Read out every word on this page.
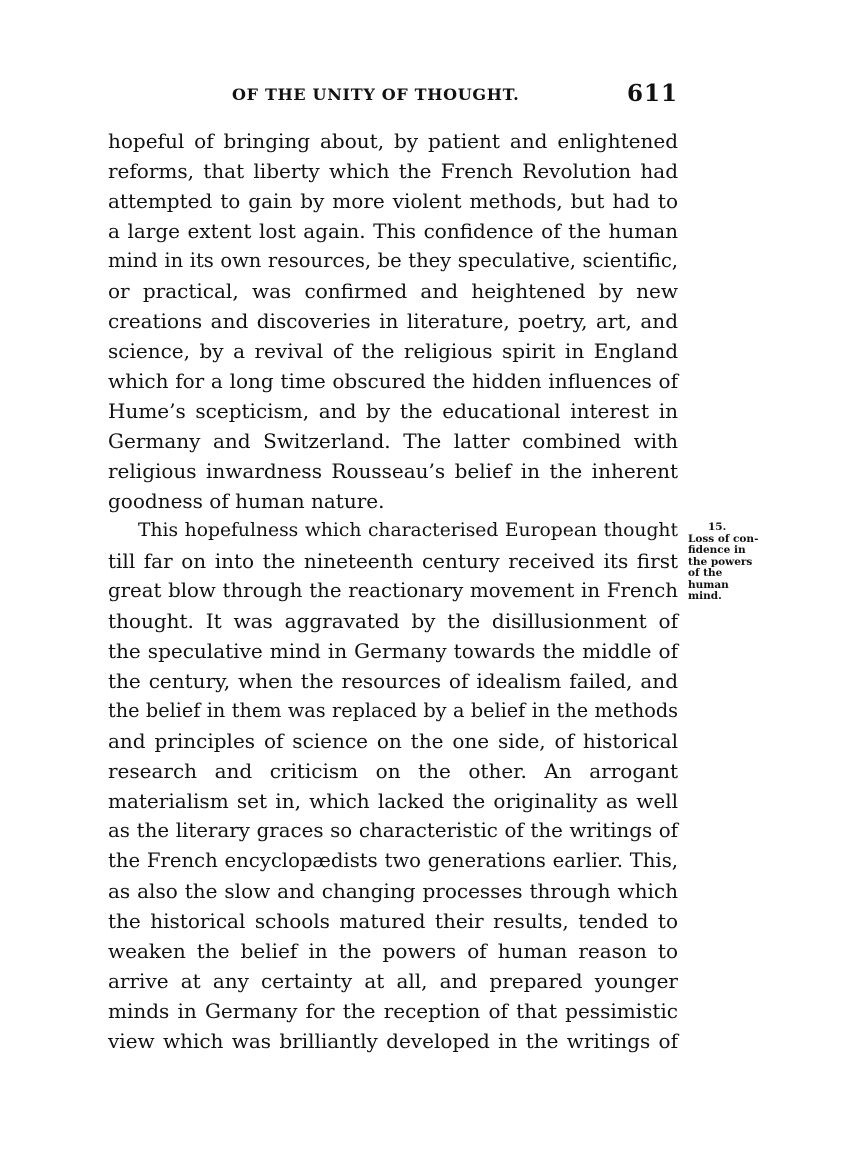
OF THE UNITY OF THOUGHT.	611
hopeful of bringing about, by patient and enlightened
reforms, that liberty which the French Revolution had
attempted to gain by more violent methods, but had to
a large extent lost again. This confidence of the human
mind in its own resources, be they speculative, scientific,
or practical, was confirmed and heightened by new
creations and discoveries in literature, poetry, art, and
science, by a revival of the religious spirit in England
which for a long time obscured the hidden influences of
Hume’s scepticism, and by the educational interest in
Germany and Switzerland. The latter combined with
religious inwardness Rousseau’s belief in the inherent
goodness of human nature.
This hopefulness which characterised European thought
till far on into the nineteenth century received its first
great blow through the reactionary movement in French
thought. It was aggravated by the disillusionment of
the speculative mind in Germany towards the middle of
the century, when the resources of idealism failed, and
the belief in them was replaced by a belief in the methods
and principles of science on the one side, of historical
research and criticism on the other. An arrogant
materialism set in, which lacked the originality as well
as the literary graces so characteristic of the writings of
the French encyclopædists two generations earlier. This,
as also the slow and changing processes through which
the historical schools matured their results, tended to
weaken the belief in the powers of human reason to
arrive at any certainty at all, and prepared younger
minds in Germany for the reception of that pessimistic
view which was brilliantly developed in the writings of
15.
Loss of con-
fidence in
the powers
of the
human
mind.
